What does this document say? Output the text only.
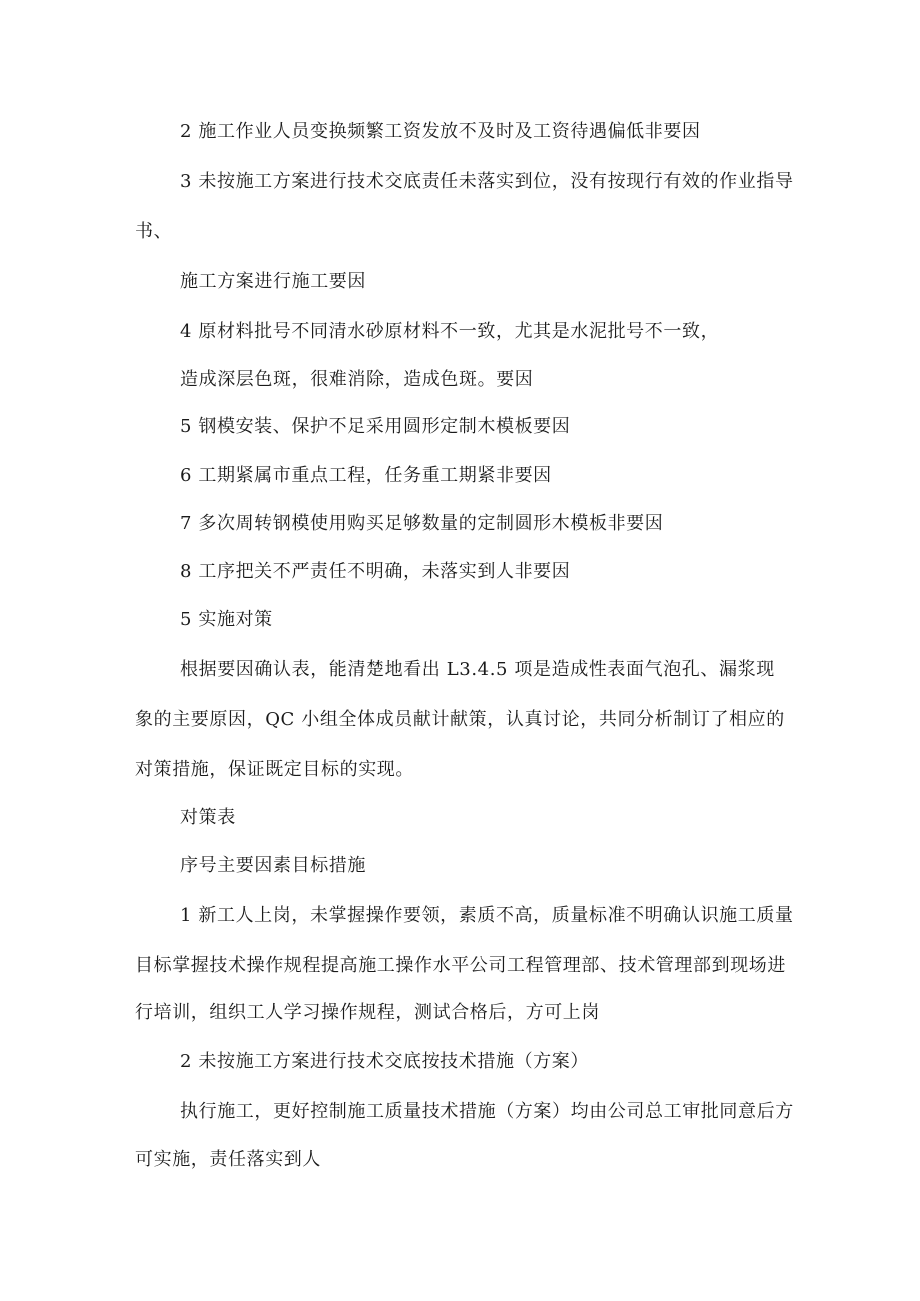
2 施工作业人员变换频繁工资发放不及时及工资待遇偏低非要因
3 未按施工方案进行技术交底责任未落实到位，没有按现行有效的作业指导
书、
施工方案进行施工要因
4 原材料批号不同清水砂原材料不一致，尤其是水泥批号不一致，
造成深层色斑，很难消除，造成色斑。要因
5 钢模安装、保护不足采用圆形定制木模板要因
6 工期紧属市重点工程，任务重工期紧非要因
7 多次周转钢模使用购买足够数量的定制圆形木模板非要因
8 工序把关不严责任不明确，未落实到人非要因
5 实施对策
根据要因确认表，能清楚地看出 L3.4.5 项是造成性表面气泡孔、漏浆现
象的主要原因，QC 小组全体成员献计献策，认真讨论，共同分析制订了相应的
对策措施，保证既定目标的实现。
对策表
序号主要因素目标措施
1 新工人上岗，未掌握操作要领，素质不高，质量标准不明确认识施工质量
目标掌握技术操作规程提高施工操作水平公司工程管理部、技术管理部到现场进
行培训，组织工人学习操作规程，测试合格后，方可上岗
2 未按施工方案进行技术交底按技术措施（方案）
执行施工，更好控制施工质量技术措施（方案）均由公司总工审批同意后方
可实施，责任落实到人
